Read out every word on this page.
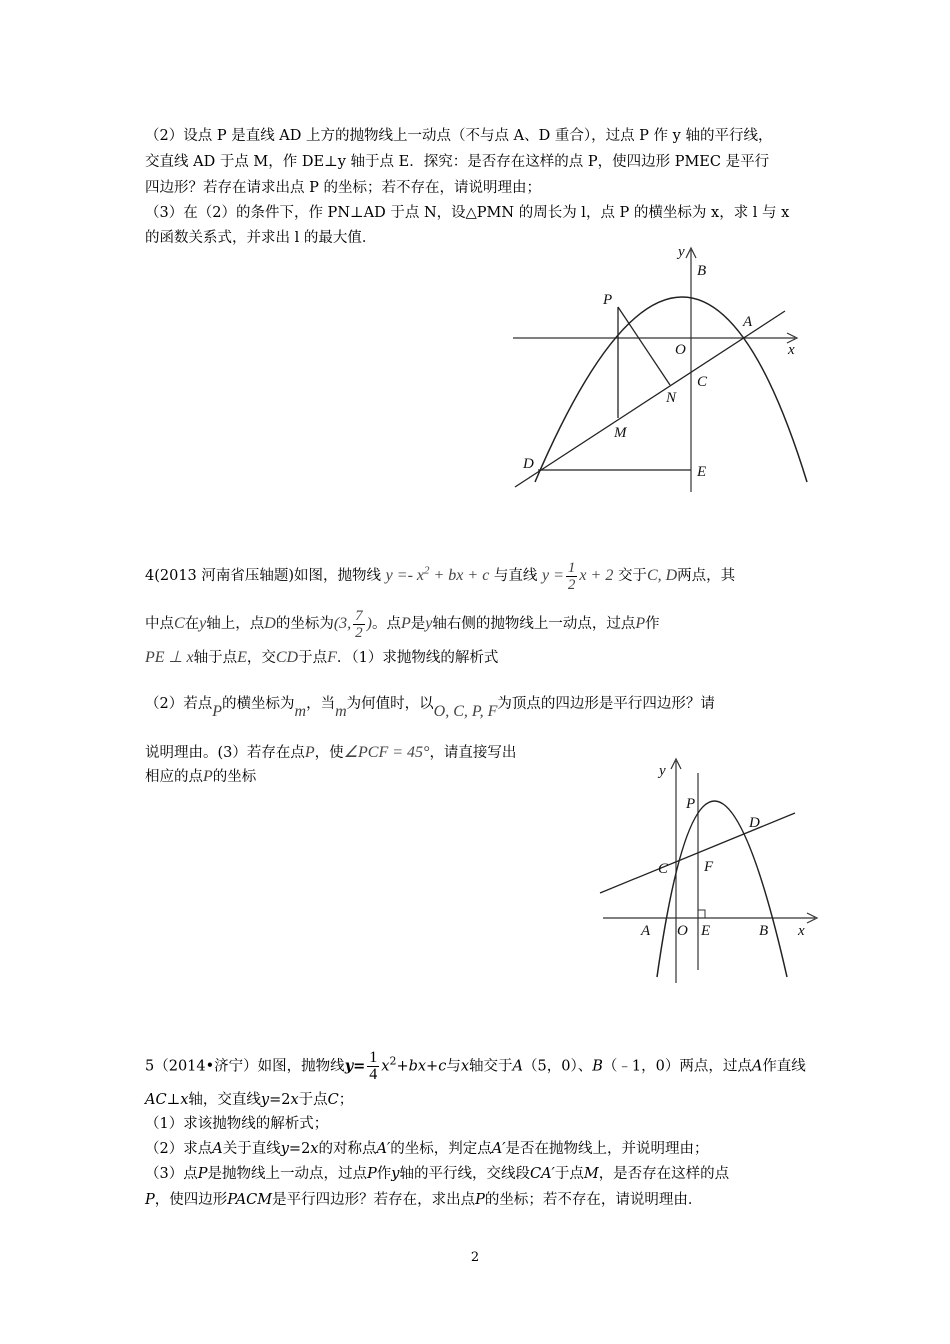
（2）设点 P 是直线 AD 上方的抛物线上一动点（不与点 A、D 重合），过点 P 作 y 轴的平行线，
交直线 AD 于点 M，作 DE⊥y 轴于点 E．探究：是否存在这样的点 P，使四边形 PMEC 是平行
四边形？若存在请求出点 P 的坐标；若不存在，请说明理由；
（3）在（2）的条件下，作 PN⊥AD 于点 N，设△PMN 的周长为 l，点 P 的横坐标为 x，求 l 与 x
的函数关系式，并求出 l 的最大值．
y
B
P
A
O	x
C
N
M
D	E
4(2013 河南省压轴题)如图，抛物线 $y =- x^2$ + bx + c 与直线 $y = \frac{1}{2}$ x + 2 交于C, D两点，其
中点C在y轴上，点D的坐标为(3, $\frac{7}{2}$ )。点P是y轴右侧的抛物线上一动点，过点P作
PE ⊥ x轴于点E，交CD于点F．（1）求抛物线的解析式
（2）若点P的横坐标为m，当m为何值时，以O, C, P, F为顶点的四边形是平行四边形？请
说明理由。(3）若存在点P，使∠PCF = 45°，请直接写出
相应的点P的坐标	y
P
D
C F
A O E	B x
5（2014•济宁）如图，抛物线$y= \frac{1}{4} x^2+bx+c$与x轴交于A（5，0）、B（﹣1，0）两点，过点A作直线
AC⊥x轴，交直线y=2x于点C；
（1）求该抛物线的解析式；
（2）求点A关于直线y=2x的对称点A′的坐标，判定点A′是否在抛物线上，并说明理由；
（3）点P是抛物线上一动点，过点P作y轴的平行线，交线段CA′于点M，是否存在这样的点
P，使四边形PACM是平行四边形？若存在，求出点P的坐标；若不存在，请说明理由．
2
